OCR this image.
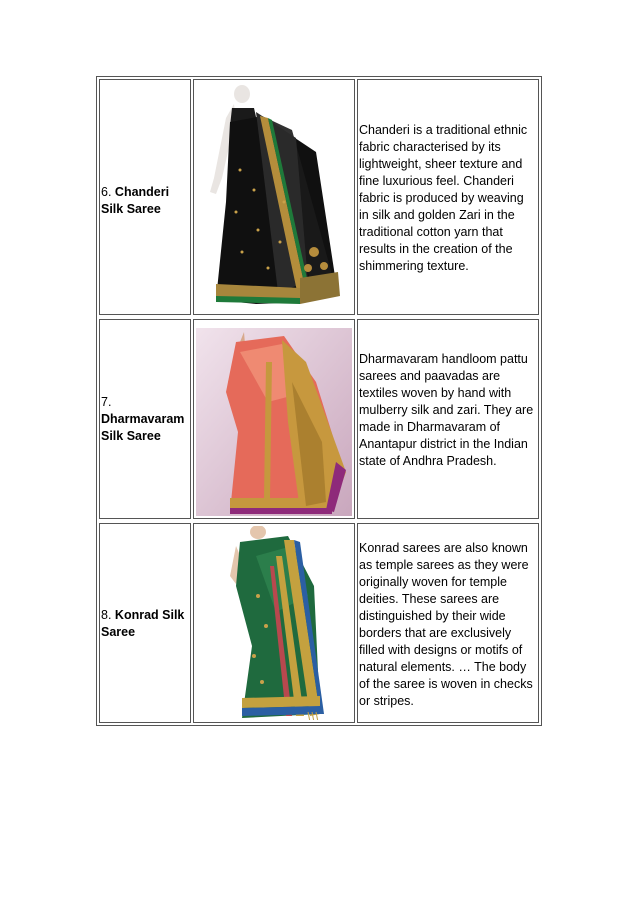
6. Chanderi Silk Saree
Chanderi is a traditional ethnic fabric characterised by its lightweight, sheer texture and fine luxurious feel. Chanderi fabric is produced by weaving in silk and golden Zari in the traditional cotton yarn that results in the creation of the shimmering texture.
7. Dharmavaram Silk Saree
Dharmavaram handloom pattu sarees and paavadas are textiles woven by hand with mulberry silk and zari. They are made in Dharmavaram of Anantapur district in the Indian state of Andhra Pradesh.
8. Konrad Silk Saree
Konrad sarees are also known as temple sarees as they were originally woven for temple deities. These sarees are distinguished by their wide borders that are exclusively filled with designs or motifs of natural elements. … The body of the saree is woven in checks or stripes.
